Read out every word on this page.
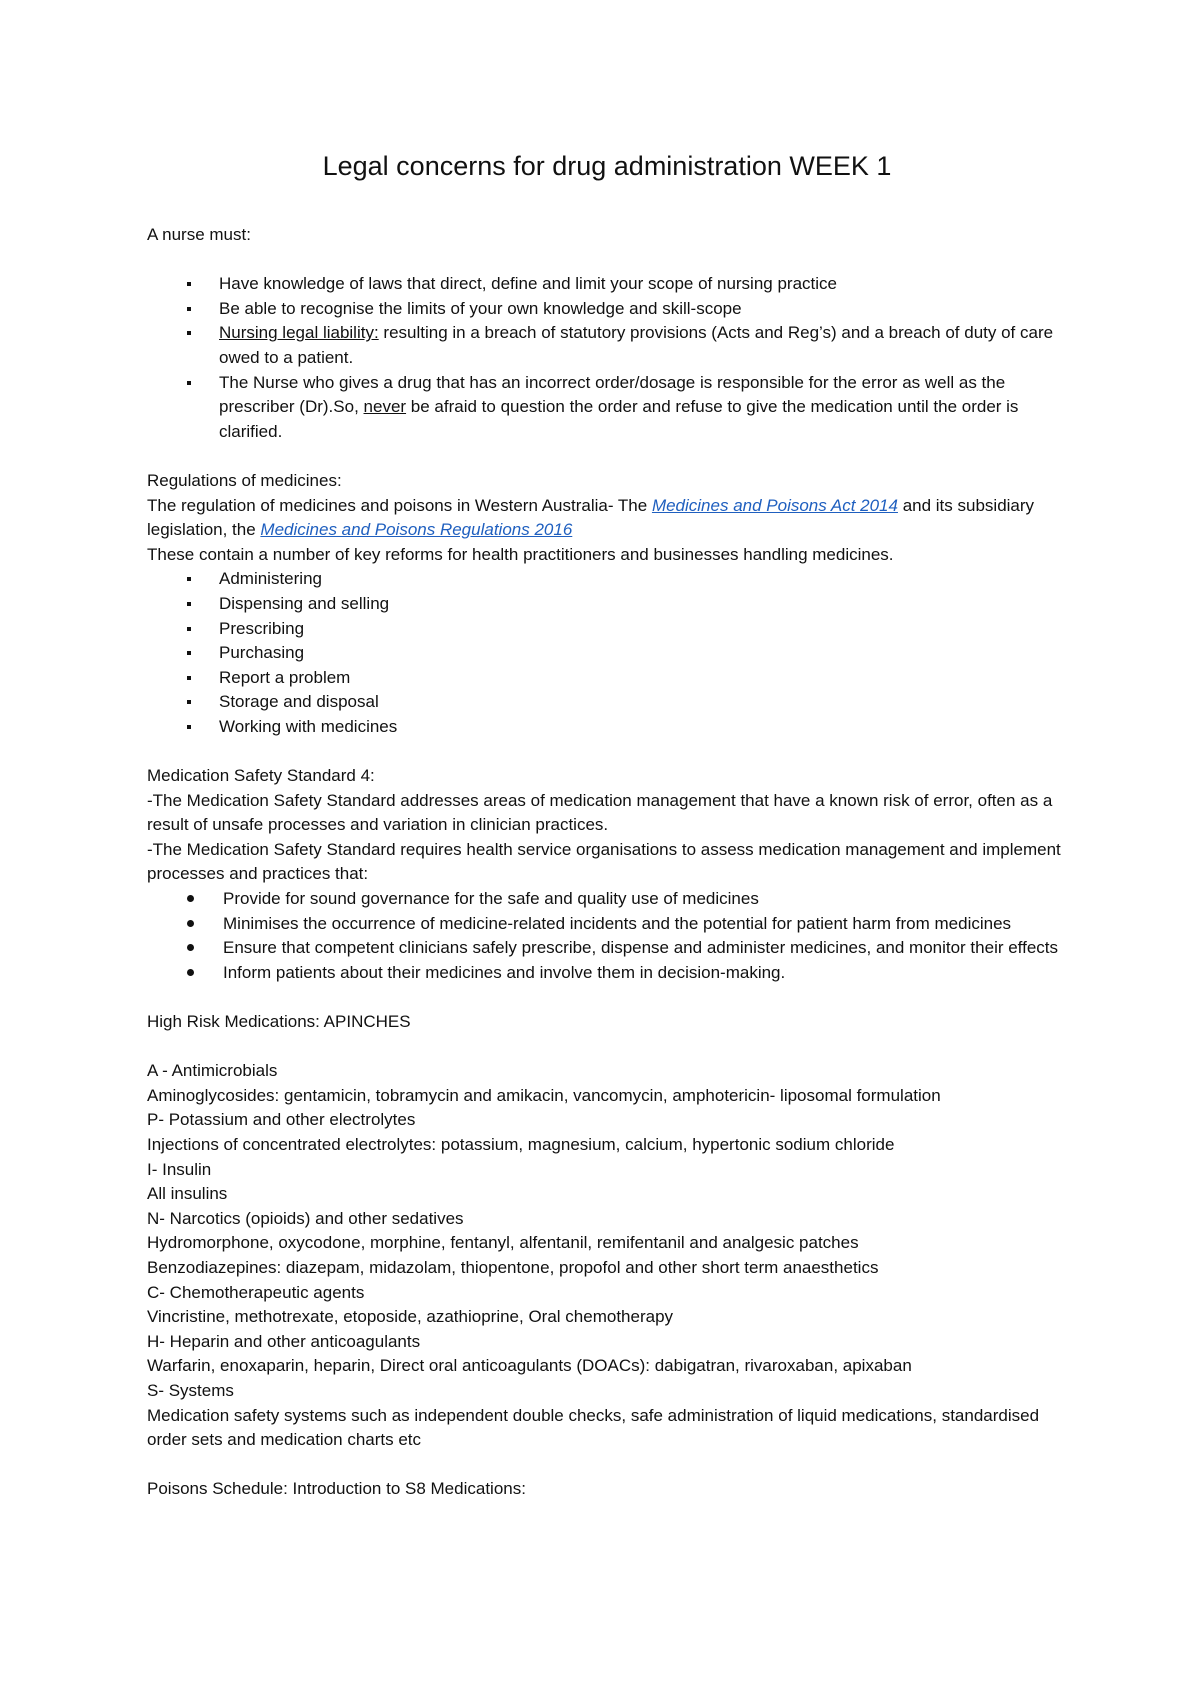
Legal concerns for drug administration WEEK 1

A nurse must:

Have knowledge of laws that direct, define and limit your scope of nursing practice
Be able to recognise the limits of your own knowledge and skill-scope
Nursing legal liability: resulting in a breach of statutory provisions (Acts and Reg’s) and a breach of duty of care owed to a patient.
The Nurse who gives a drug that has an incorrect order/dosage is responsible for the error as well as the prescriber (Dr).So, never be afraid to question the order and refuse to give the medication until the order is clarified.

Regulations of medicines:

The regulation of medicines and poisons in Western Australia- The Medicines and Poisons Act 2014 and its subsidiary legislation, the Medicines and Poisons Regulations 2016

These contain a number of key reforms for health practitioners and businesses handling medicines.

Administering
Dispensing and selling
Prescribing
Purchasing
Report a problem
Storage and disposal
Working with medicines

Medication Safety Standard 4:

-The Medication Safety Standard addresses areas of medication management that have a known risk of error, often as a result of unsafe processes and variation in clinician practices.

-The Medication Safety Standard requires health service organisations to assess medication management and implement processes and practices that:

Provide for sound governance for the safe and quality use of medicines
Minimises the occurrence of medicine-related incidents and the potential for patient harm from medicines
Ensure that competent clinicians safely prescribe, dispense and administer medicines, and monitor their effects
Inform patients about their medicines and involve them in decision-making.

High Risk Medications: APINCHES

A - Antimicrobials

Aminoglycosides: gentamicin, tobramycin and amikacin, vancomycin, amphotericin- liposomal formulation

P- Potassium and other electrolytes

Injections of concentrated electrolytes: potassium, magnesium, calcium, hypertonic sodium chloride

I- Insulin

All insulins

N- Narcotics (opioids) and other sedatives

Hydromorphone, oxycodone, morphine, fentanyl, alfentanil, remifentanil and analgesic patches

Benzodiazepines: diazepam, midazolam, thiopentone, propofol and other short term anaesthetics

C- Chemotherapeutic agents

Vincristine, methotrexate, etoposide, azathioprine, Oral chemotherapy

H- Heparin and other anticoagulants

Warfarin, enoxaparin, heparin, Direct oral anticoagulants (DOACs): dabigatran, rivaroxaban, apixaban

S- Systems

Medication safety systems such as independent double checks, safe administration of liquid medications, standardised order sets and medication charts etc

Poisons Schedule: Introduction to S8 Medications:
